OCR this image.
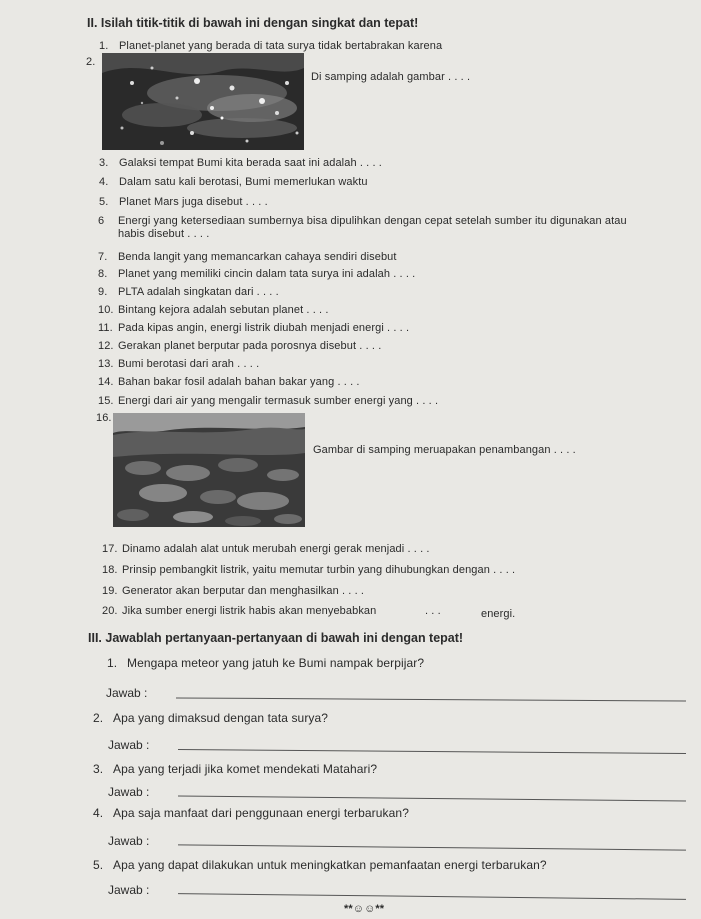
II. Isilah titik-titik di bawah ini dengan singkat dan tepat!
1. Planet-planet yang berada di tata surya tidak bertabrakan karena
2.
Di samping adalah gambar . . . .
3. Galaksi tempat Bumi kita berada saat ini adalah . . . .
4. Dalam satu kali berotasi, Bumi memerlukan waktu
5. Planet Mars juga disebut . . . .
6 Energi yang ketersediaan sumbernya bisa dipulihkan dengan cepat setelah sumber itu digunakan atau
habis disebut . . . .
7. Benda langit yang memancarkan cahaya sendiri disebut
8. Planet yang memiliki cincin dalam tata surya ini adalah . . . .
9. PLTA adalah singkatan dari . . . .
10. Bintang kejora adalah sebutan planet . . . .
11. Pada kipas angin, energi listrik diubah menjadi energi . . . .
12. Gerakan planet berputar pada porosnya disebut . . . .
13. Bumi berotasi dari arah . . . .
14. Bahan bakar fosil adalah bahan bakar yang . . . .
15. Energi dari air yang mengalir termasuk sumber energi yang . . . .
16.
Gambar di samping meruapakan penambangan . . . .
17. Dinamo adalah alat untuk merubah energi gerak menjadi . . . .
18. Prinsip pembangkit listrik, yaitu memutar turbin yang dihubungkan dengan . . . .
19. Generator akan berputar dan menghasilkan . . . .
20. Jika sumber energi listrik habis akan menyebabkan	. . .	energi.
III. Jawablah pertanyaan-pertanyaan di bawah ini dengan tepat!
1. Mengapa meteor yang jatuh ke Bumi nampak berpijar?
Jawab :
2. Apa yang dimaksud dengan tata surya?
Jawab :
3. Apa yang terjadi jika komet mendekati Matahari?
Jawab :
4. Apa saja manfaat dari penggunaan energi terbarukan?
Jawab :
5. Apa yang dapat dilakukan untuk meningkatkan pemanfaatan energi terbarukan?
Jawab :
**☺☺**
